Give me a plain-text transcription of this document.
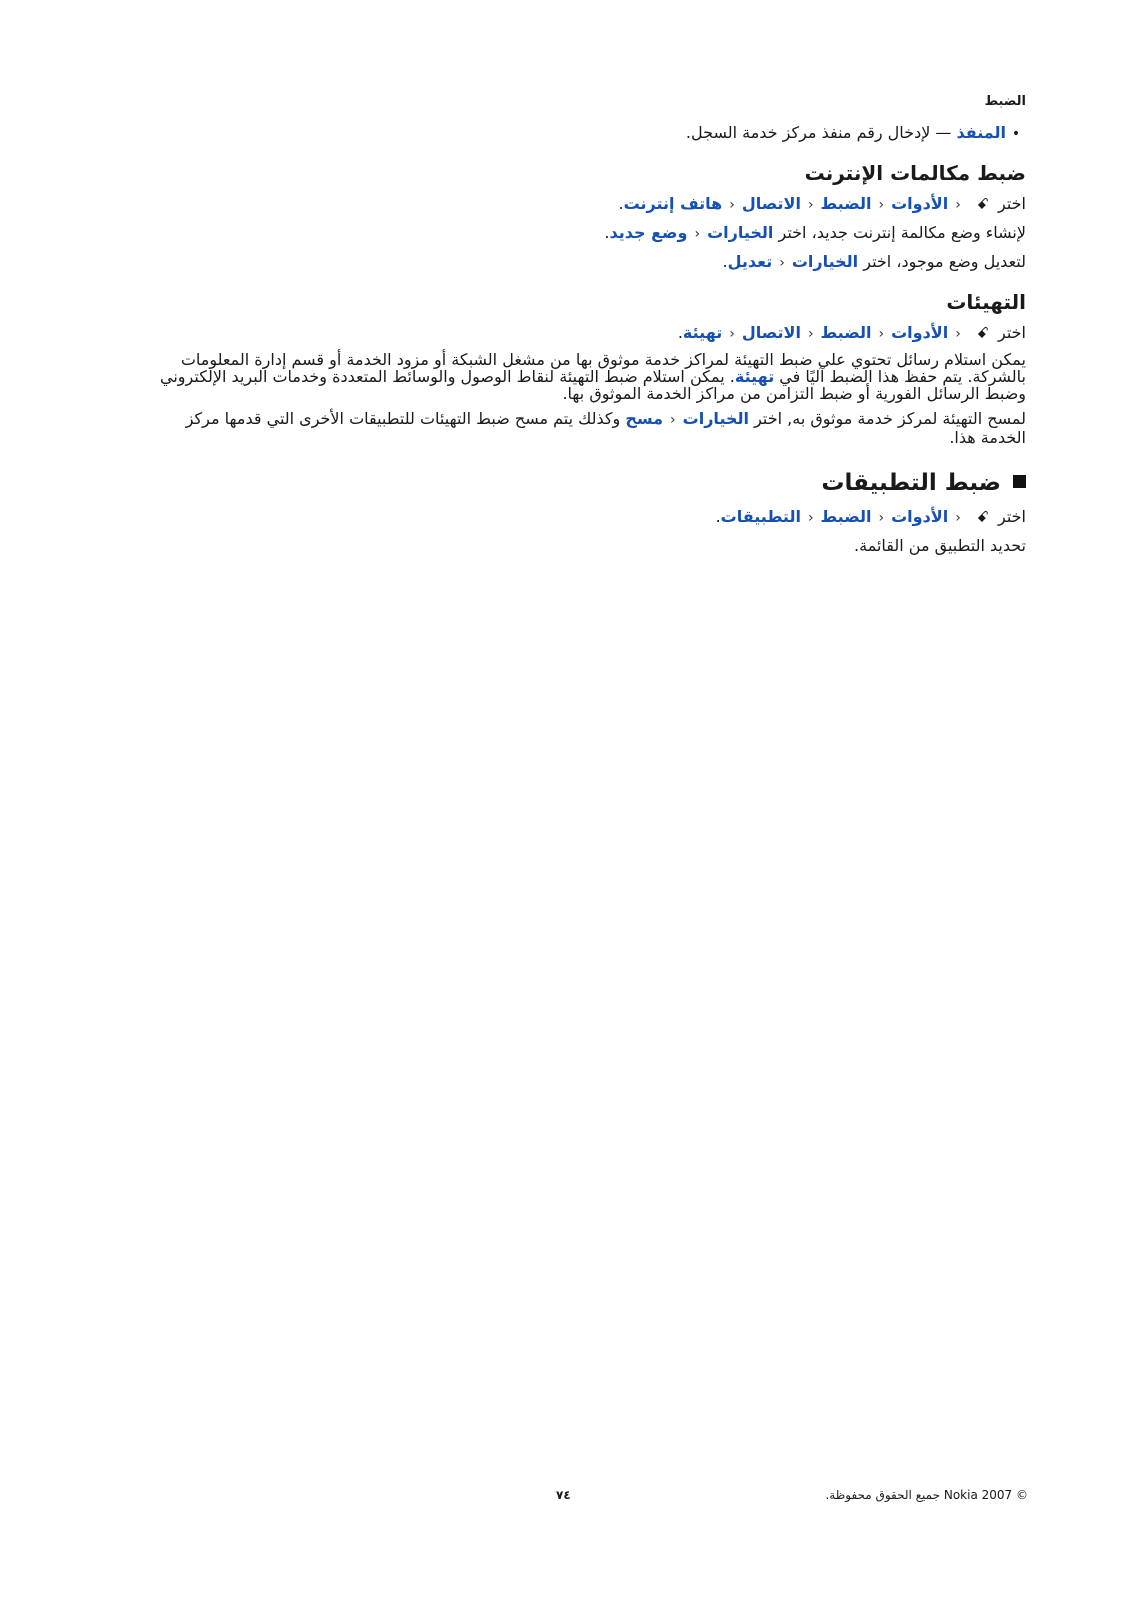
الضبط
•المنفذ — لإدخال رقم منفذ مركز خدمة السجل.
ضبط مكالمات الإنترنت
اختر ꗃ ‹الأدوات‹الضبط‹الاتصال‹هاتف إنترنت.
لإنشاء وضع مكالمة إنترنت جديد، اختر الخيارات‹وضع جديد.
لتعديل وضع موجود، اختر الخيارات‹تعديل.
التهيئات
اختر ꗃ ‹الأدوات‹الضبط‹الاتصال‹تهيئة.
يمكن استلام رسائل تحتوي على ضبط التهيئة لمراكز خدمة موثوق بها من مشغل الشبكة أو مزود الخدمة أو قسم إدارة المعلومات بالشركة. يتم حفظ هذا الضبط آليًا في تهيئة. يمكن استلام ضبط التهيئة لنقاط الوصول والوسائط المتعددة وخدمات البريد الإلكتروني وضبط الرسائل الفورية أو ضبط التزامن من مراكز الخدمة الموثوق بها.
لمسح التهيئة لمركز خدمة موثوق به, اختر الخيارات‹مسح وكذلك يتم مسح ضبط التهيئات للتطبيقات الأخرى التي قدمها مركز الخدمة هذا.
ضبط التطبيقات
اختر ꗃ ‹الأدوات‹الضبط‹التطبيقات.
تحديد التطبيق من القائمة.
© Nokia 2007 جميع الحقوق محفوظة.
٧٤
